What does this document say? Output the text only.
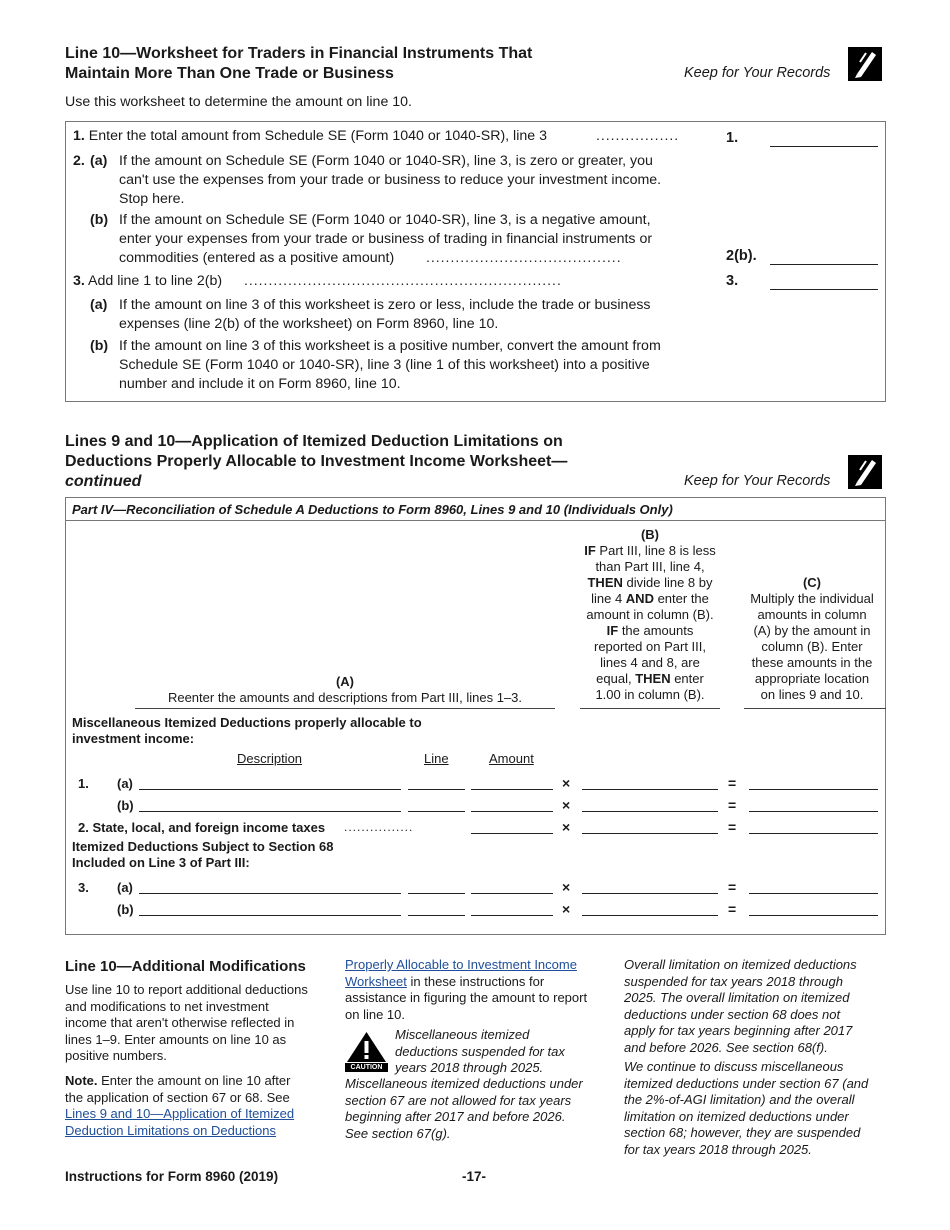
Line 10—Worksheet for Traders in Financial Instruments That
Maintain More Than One Trade or Business	Keep for Your Records
Use this worksheet to determine the amount on line 10.
1. Enter the total amount from Schedule SE (Form 1040 or 1040-SR), line 3	.................	1.
2. (a) If the amount on Schedule SE (Form 1040 or 1040-SR), line 3, is zero or greater, you
can't use the expenses from your trade or business to reduce your investment income.
Stop here.
(b) If the amount on Schedule SE (Form 1040 or 1040-SR), line 3, is a negative amount,
enter your expenses from your trade or business of trading in financial instruments or
commodities (entered as a positive amount)	........................................	2(b).
3. Add line 1 to line 2(b) .................................................................	3.
(a) If the amount on line 3 of this worksheet is zero or less, include the trade or business
expenses (line 2(b) of the worksheet) on Form 8960, line 10.
(b) If the amount on line 3 of this worksheet is a positive number, convert the amount from
Schedule SE (Form 1040 or 1040-SR), line 3 (line 1 of this worksheet) into a positive
number and include it on Form 8960, line 10.
Lines 9 and 10—Application of Itemized Deduction Limitations on
Deductions Properly Allocable to Investment Income Worksheet—
continued	Keep for Your Records
Part IV—Reconciliation of Schedule A Deductions to Form 8960, Lines 9 and 10 (Individuals Only)
(A)
Reenter the amounts and descriptions from Part III, lines 1–3.
(B)
IF Part III, line 8 is less
than Part III, line 4,
THEN divide line 8 by
line 4 AND enter the
amount in column (B).
IF the amounts
reported on Part III,
lines 4 and 8, are
equal, THEN enter
1.00 in column (B).
(C)
Multiply the individual
amounts in column
(A) by the amount in
column (B). Enter
these amounts in the
appropriate location
on lines 9 and 10.
Miscellaneous Itemized Deductions properly allocable to
investment income:
Description	Line	Amount
1. (a)	×	=
(b)	×	=
2. State, local, and foreign income taxes ................	×	=
Itemized Deductions Subject to Section 68
Included on Line 3 of Part III:
3. (a)	×	=
(b)	×	=
Line 10—Additional Modifications
Use line 10 to report additional deductions
and modifications to net investment
income that aren't otherwise reflected in
lines 1–9. Enter amounts on line 10 as
positive numbers.
Note. Enter the amount on line 10 after
the application of section 67 or 68. See
Lines 9 and 10—Application of Itemized
Deduction Limitations on Deductions
Properly Allocable to Investment Income
Worksheet in these instructions for
assistance in figuring the amount to report
on line 10.
CAUTION
Miscellaneous itemized
deductions suspended for tax
years 2018 through 2025.
Miscellaneous itemized deductions under
section 67 are not allowed for tax years
beginning after 2017 and before 2026.
See section 67(g).
Overall limitation on itemized deductions
suspended for tax years 2018 through
2025. The overall limitation on itemized
deductions under section 68 does not
apply for tax years beginning after 2017
and before 2026. See section 68(f).
We continue to discuss miscellaneous
itemized deductions under section 67 (and
the 2%-of-AGI limitation) and the overall
limitation on itemized deductions under
section 68; however, they are suspended
for tax years 2018 through 2025.
Instructions for Form 8960 (2019)	-17-
